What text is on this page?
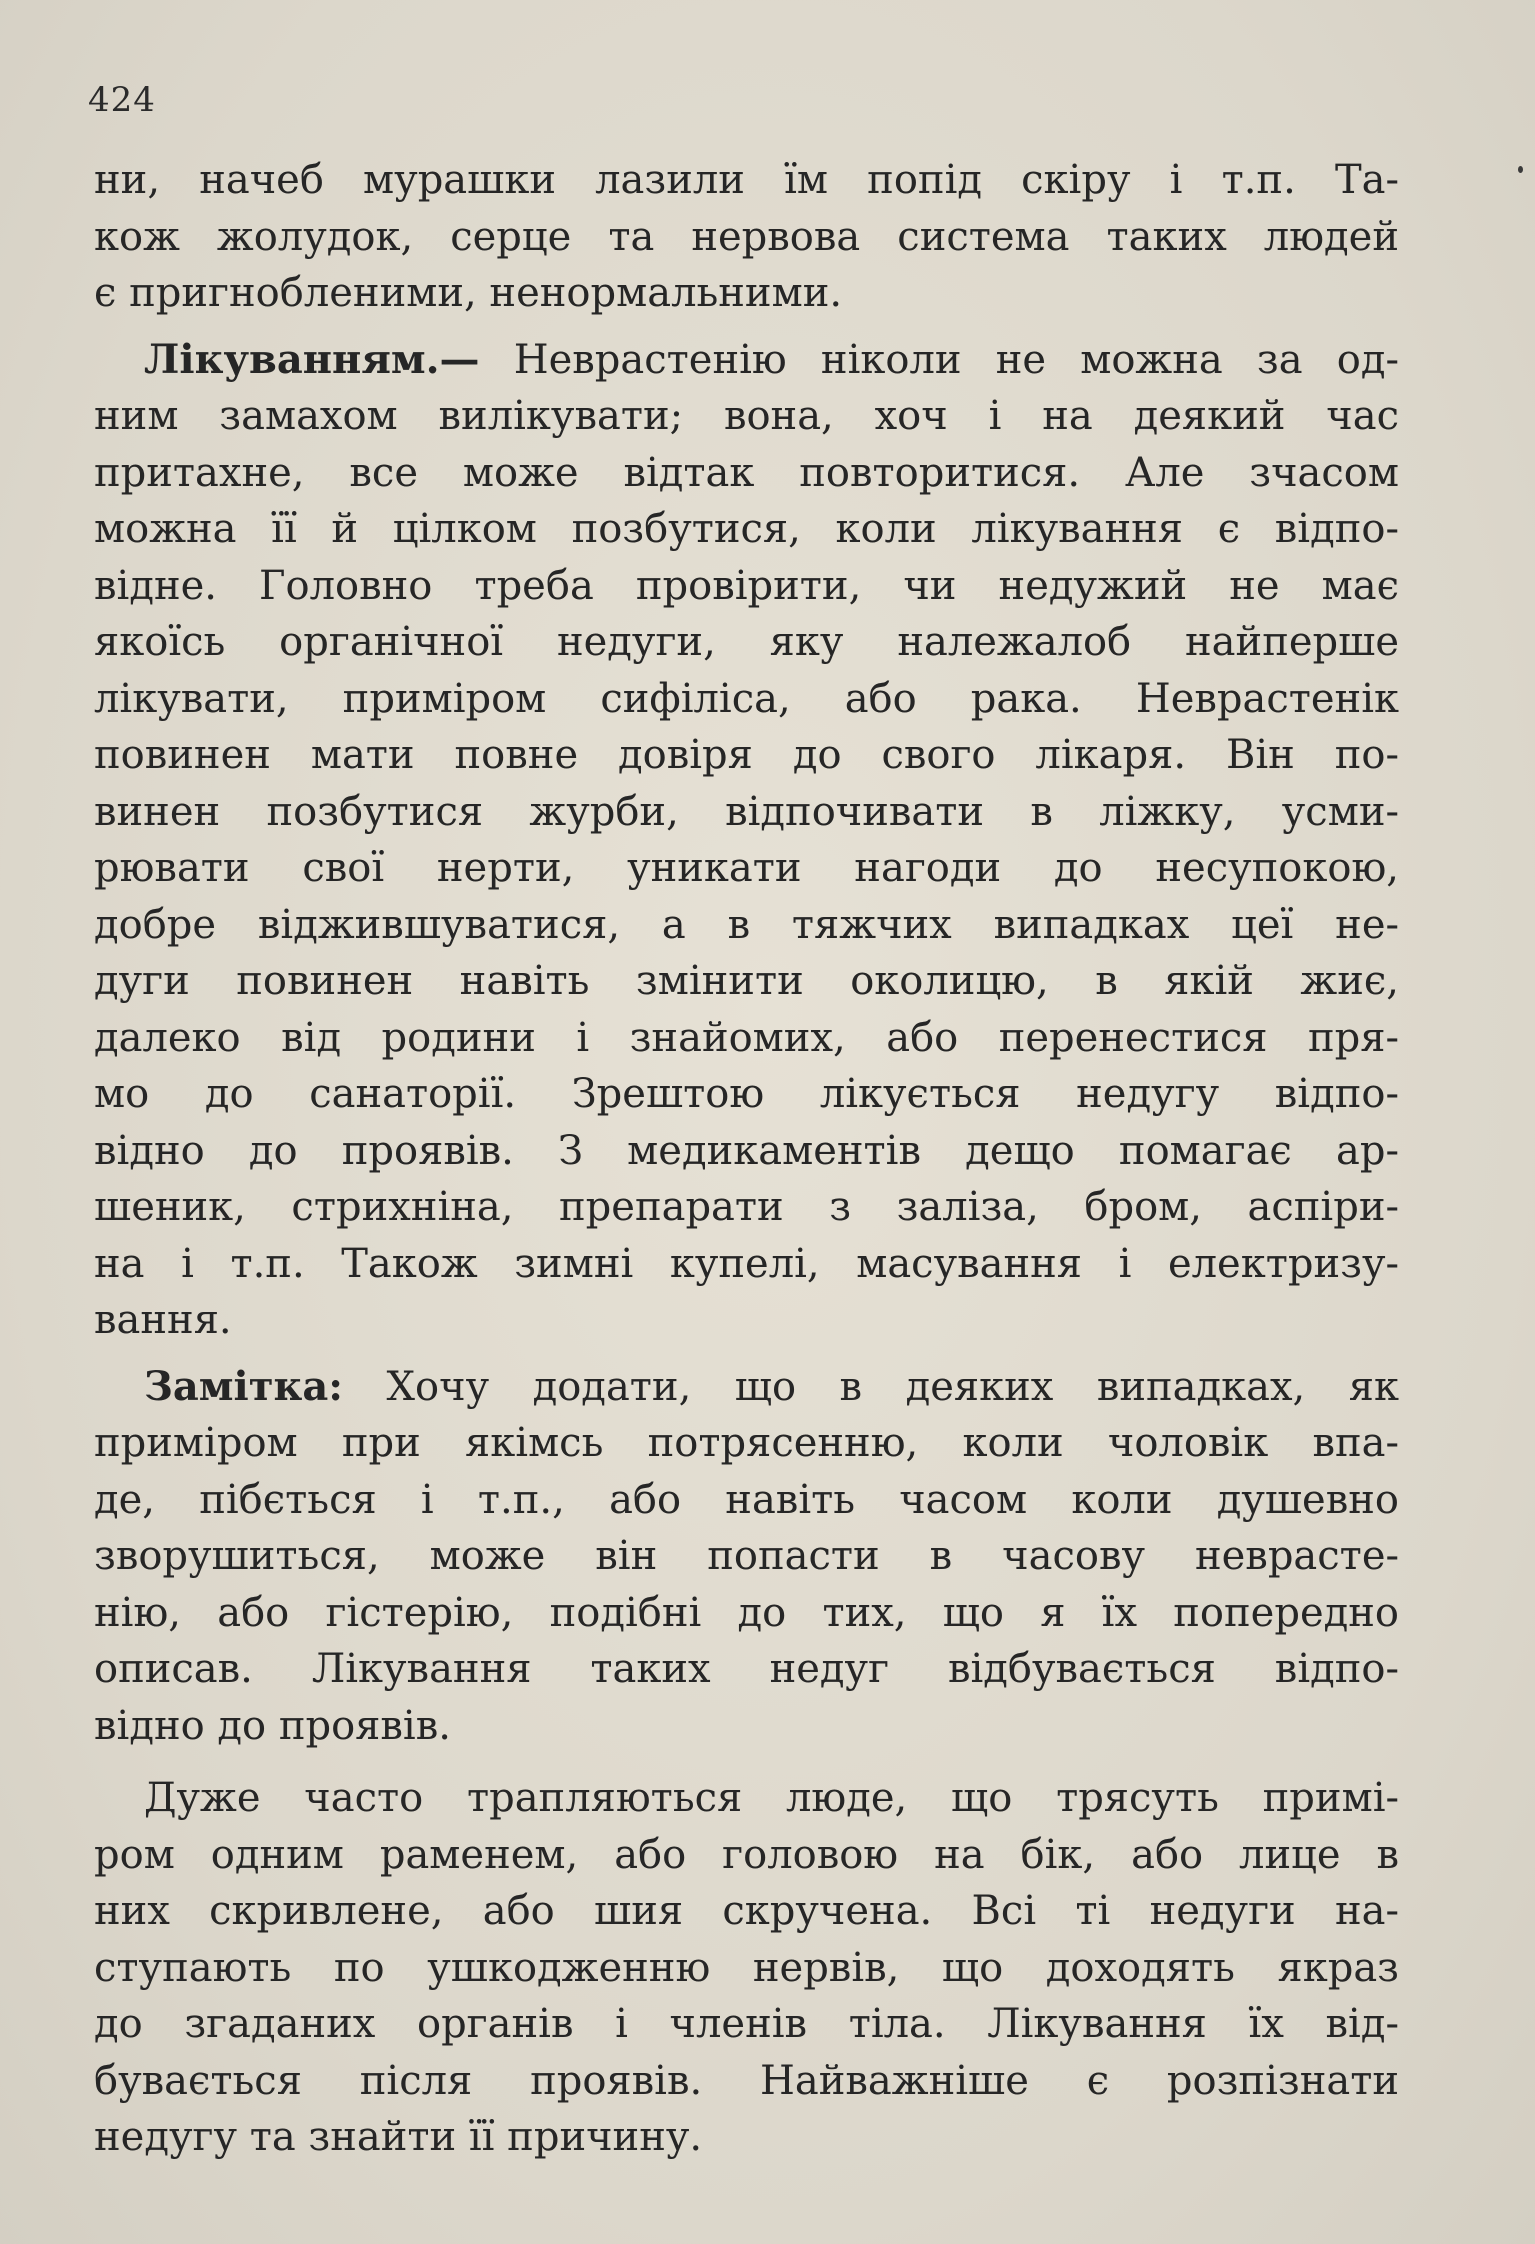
424
ни, начеб мурашки лазили їм попід скіру і т.п. Та-
кож жолудок, серце та нервова система таких людей
є пригнобленими, ненормальними.
Лікуванням.— Неврастенію ніколи не можна за од-
ним замахом вилікувати; вона, хоч і на деякий час
притахне, все може відтак повторитися. Але зчасом
можна її й цілком позбутися, коли лікування є відпо-
відне. Головно треба провірити, чи недужий не має
якоїсь органічної недуги, яку належалоб найперше
лікувати, приміром сифіліса, або рака. Неврастенік
повинен мати повне довіря до свого лікаря. Він по-
винен позбутися журби, відпочивати в ліжку, усми-
рювати свої нерти, уникати нагоди до несупокою,
добре віджившуватися, а в тяжчих випадках цеї не-
дуги повинен навіть змінити околицю, в якій жиє,
далеко від родини і знайомих, або перенестися пря-
мо до санаторії. Зрештою лікується недугу відпо-
відно до проявів. З медикаментів дещо помагає ар-
шеник, стрихніна, препарати з заліза, бром, аспіри-
на і т.п. Також зимні купелі, масування і електризу-
вання.
Замітка: Хочу додати, що в деяких випадках, як
приміром при якімсь потрясенню, коли чоловік впа-
де, пібється і т.п., або навіть часом коли душевно
зворушиться, може він попасти в часову неврасте-
нію, або гістерію, подібні до тих, що я їх попередно
описав. Лікування таких недуг відбувається відпо-
відно до проявів.
Дуже часто трапляються люде, що трясуть примі-
ром одним раменем, або головою на бік, або лице в
них скривлене, або шия скручена. Всі ті недуги на-
ступають по ушкодженню нервів, що доходять якраз
до згаданих органів і членів тіла. Лікування їх від-
бувається після проявів. Найважніше є розпізнати
недугу та знайти її причину.
